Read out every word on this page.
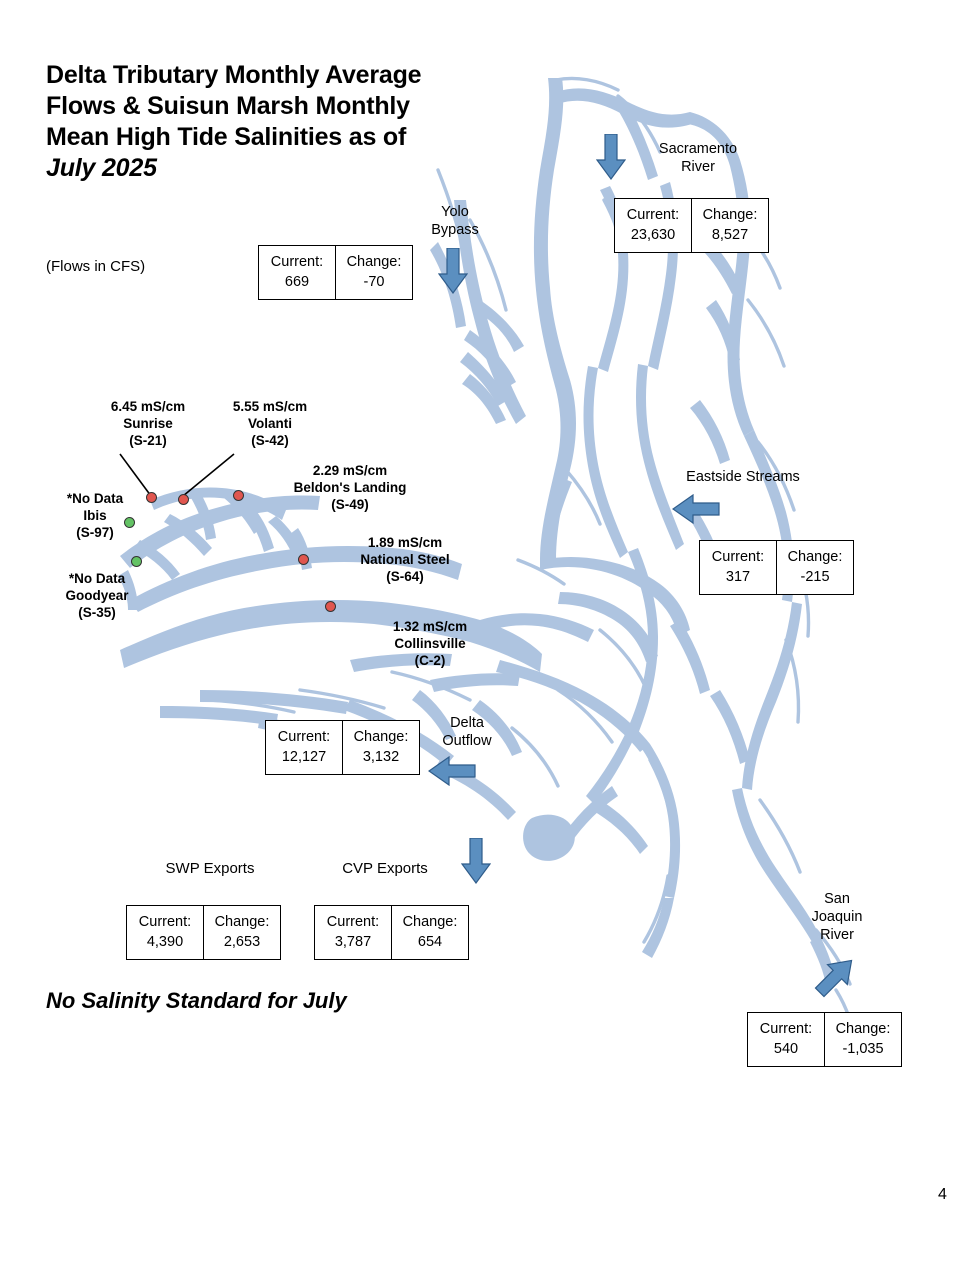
Delta Tributary Monthly Average
Flows & Suisun Marsh Monthly
Mean High Tide Salinities as of
July 2025
(Flows in CFS)
No Salinity Standard for July
4
Sacramento
River
Current:
23,630
Change:
8,527
Yolo
Bypass
Current:
669
Change:
-70
Eastside Streams
Current:
317
Change:
-215
Delta
Outflow
Current:
12,127
Change:
3,132
San
Joaquin
River
Current:
540
Change:
-1,035
SWP Exports	CVP Exports
Current:
4,390
Change:
2,653
Current:
3,787
Change:
654
6.45 mS/cm
Sunrise
(S-21)
5.55 mS/cm
Volanti
(S-42)
2.29 mS/cm
Beldon's Landing
(S-49)
1.89 mS/cm
National Steel
(S-64)
1.32 mS/cm
Collinsville
(C-2)
*No Data
Ibis
(S-97)
*No Data
Goodyear
(S-35)
